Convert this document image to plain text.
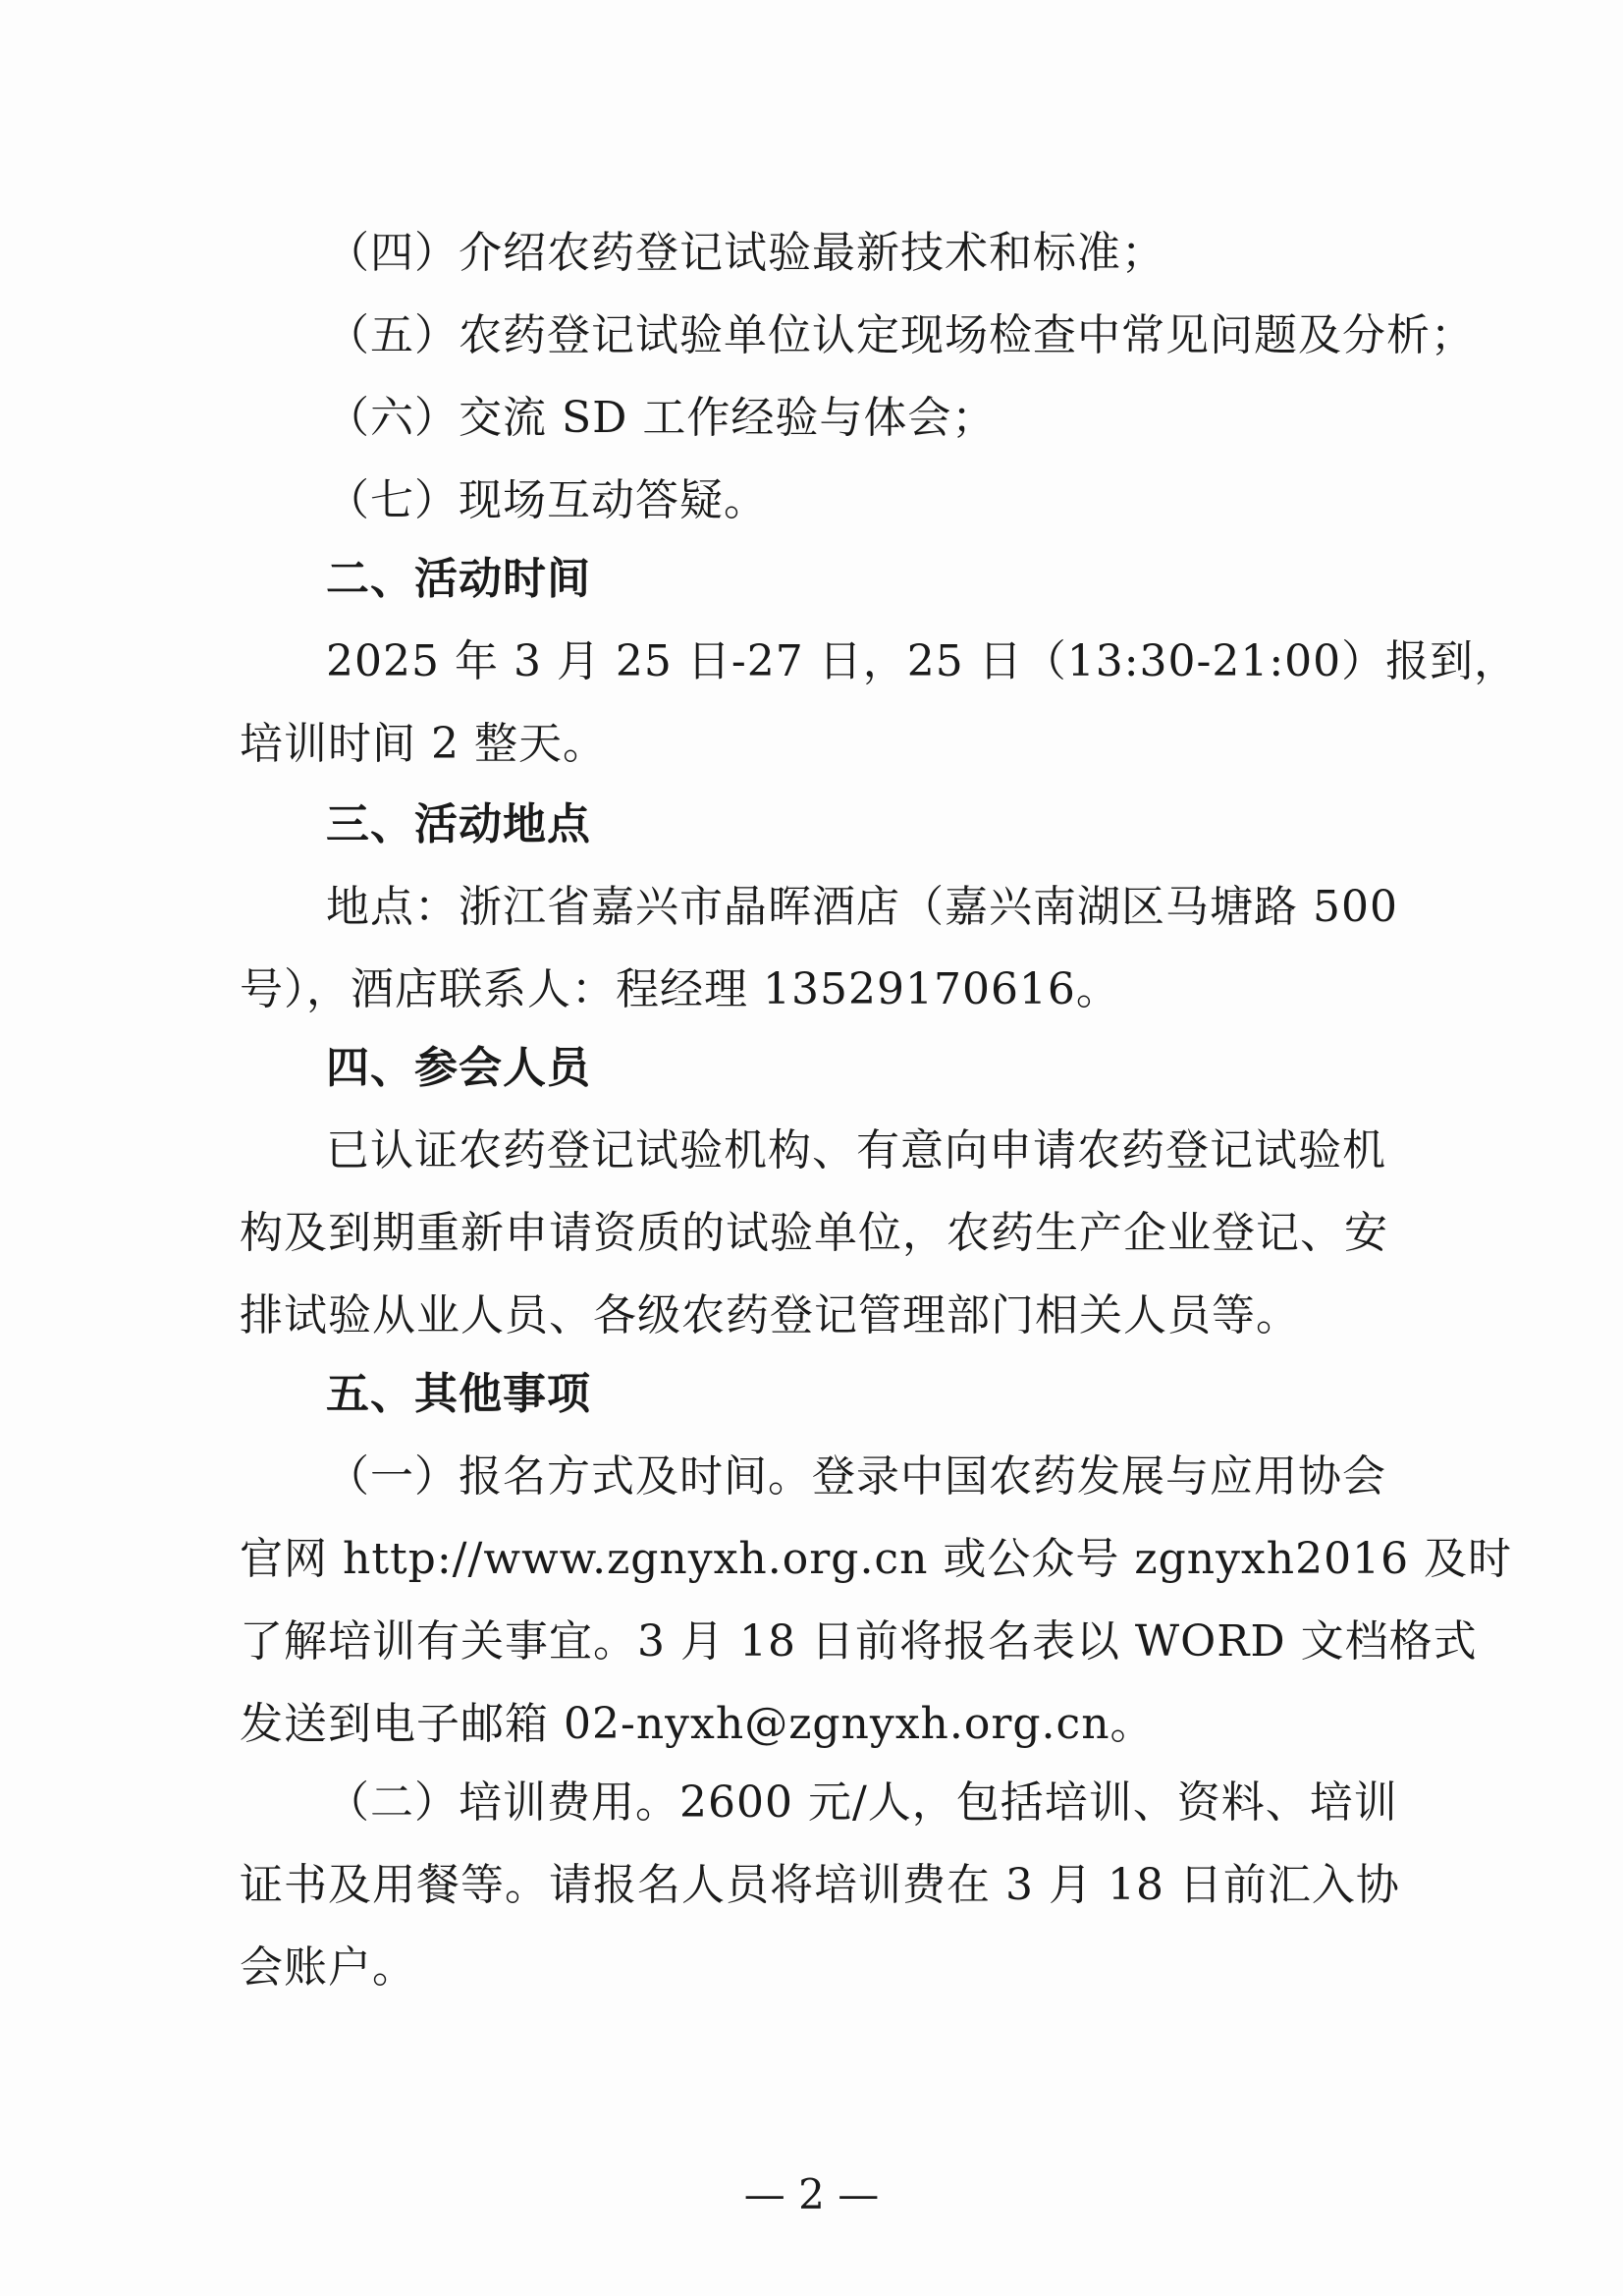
（四）介绍农药登记试验最新技术和标准；

（五）农药登记试验单位认定现场检查中常见问题及分析；

（六）交流 SD 工作经验与体会；

（七）现场互动答疑。

二、活动时间

2025 年 3 月 25 日-27 日，25 日（13:30-21:00）报到，

培训时间 2 整天。

三、活动地点

地点：浙江省嘉兴市晶晖酒店（嘉兴南湖区马塘路 500

号），酒店联系人：程经理 13529170616。

四、参会人员

已认证农药登记试验机构、有意向申请农药登记试验机

构及到期重新申请资质的试验单位，农药生产企业登记、安

排试验从业人员、各级农药登记管理部门相关人员等。

五、其他事项

（一）报名方式及时间。登录中国农药发展与应用协会

官网 http://www.zgnyxh.org.cn 或公众号 zgnyxh2016 及时

了解培训有关事宜。3 月 18 日前将报名表以 WORD 文档格式

发送到电子邮箱 02-nyxh@zgnyxh.org.cn。

（二）培训费用。2600 元/人，包括培训、资料、培训

证书及用餐等。请报名人员将培训费在 3 月 18 日前汇入协

会账户。

— 2 —
